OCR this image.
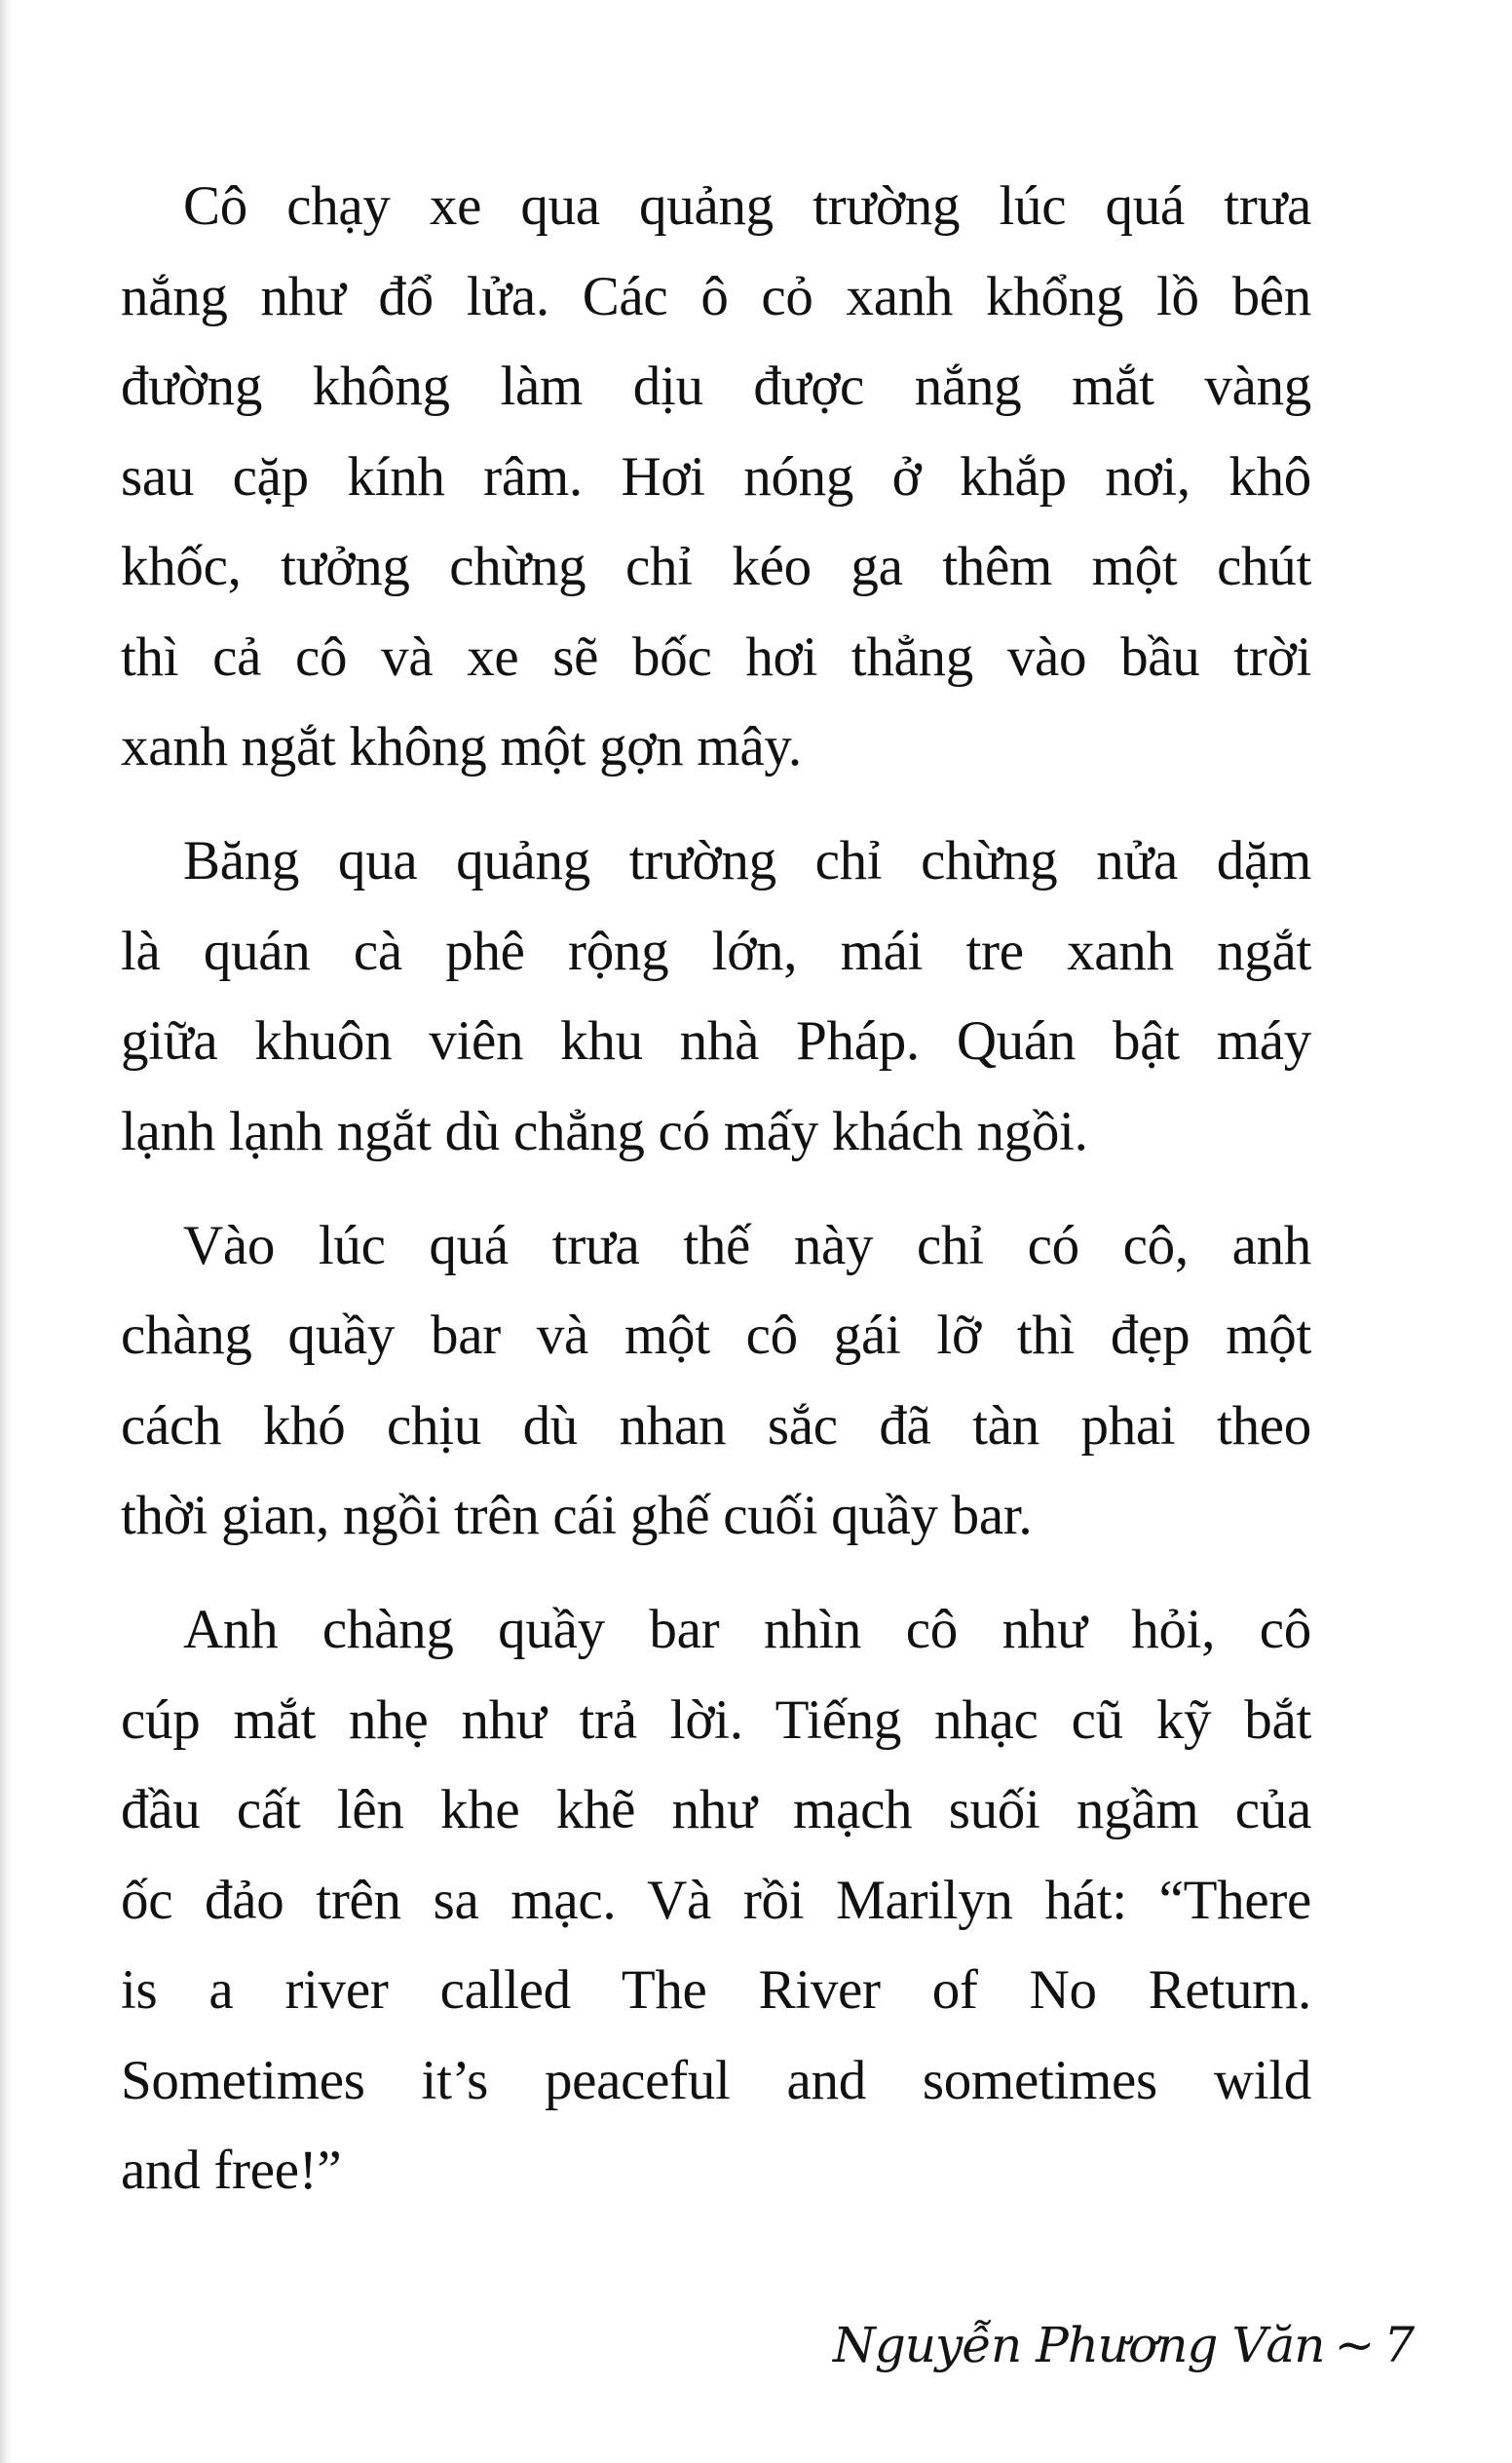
Cô chạy xe qua quảng trường lúc quá trưa
nắng như đổ lửa. Các ô cỏ xanh khổng lồ bên
đường không làm dịu được nắng mắt vàng
sau cặp kính râm. Hơi nóng ở khắp nơi, khô
khốc, tưởng chừng chỉ kéo ga thêm một chút
thì cả cô và xe sẽ bốc hơi thẳng vào bầu trời
xanh ngắt không một gợn mây.
Băng qua quảng trường chỉ chừng nửa dặm
là quán cà phê rộng lớn, mái tre xanh ngắt
giữa khuôn viên khu nhà Pháp. Quán bật máy
lạnh lạnh ngắt dù chẳng có mấy khách ngồi.
Vào lúc quá trưa thế này chỉ có cô, anh
chàng quầy bar và một cô gái lỡ thì đẹp một
cách khó chịu dù nhan sắc đã tàn phai theo
thời gian, ngồi trên cái ghế cuối quầy bar.
Anh chàng quầy bar nhìn cô như hỏi, cô
cúp mắt nhẹ như trả lời. Tiếng nhạc cũ kỹ bắt
đầu cất lên khe khẽ như mạch suối ngầm của
ốc đảo trên sa mạc. Và rồi Marilyn hát: “There
is a river called The River of No Return.
Sometimes it’s peaceful and sometimes wild
and free!”
Nguyễn Phương Văn ~ 7
